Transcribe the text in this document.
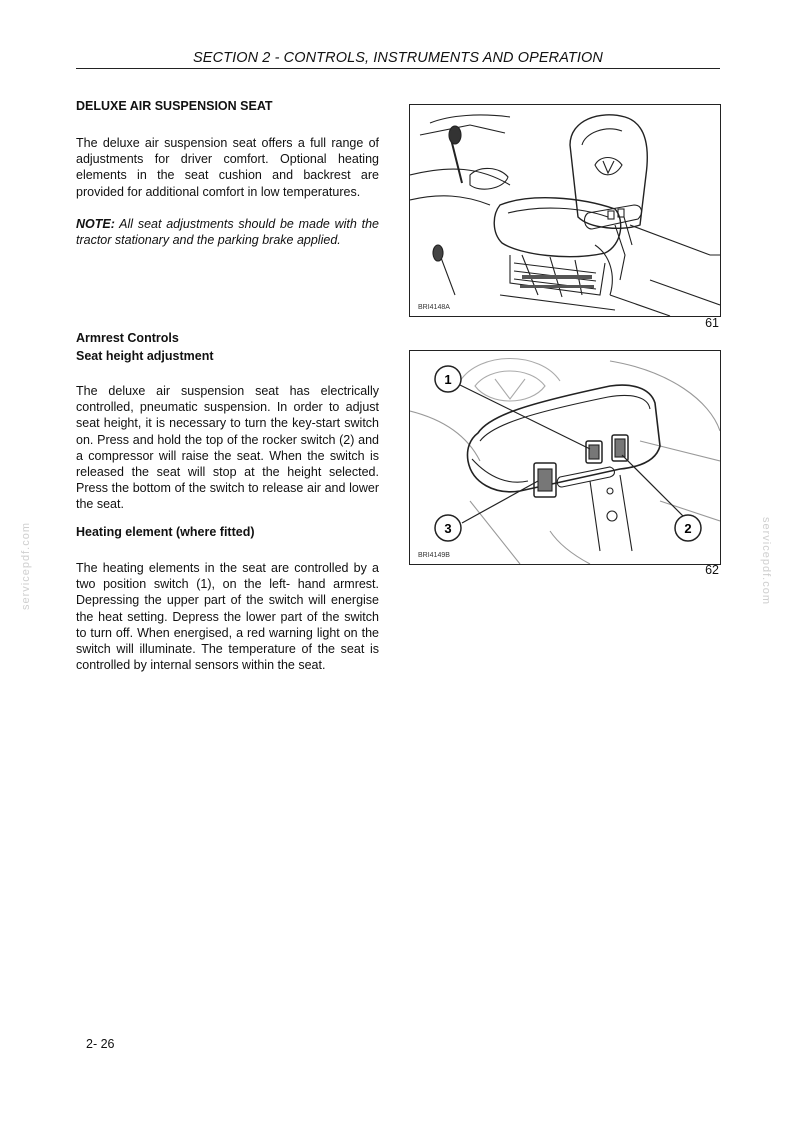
SECTION 2 - CONTROLS, INSTRUMENTS AND OPERATION
servicepdf.com	servicepdf.com
DELUXE AIR SUSPENSION SEAT
The deluxe air suspension seat offers a full range of adjustments for driver comfort. Optional heating elements in the seat cushion and backrest are provided for additional comfort in low temperatures.
NOTE: All seat adjustments should be made with the tractor stationary and the parking brake applied.
BRI4148A
61
Armrest Controls
Seat height adjustment
The deluxe air suspension seat has electrically controlled, pneumatic suspension. In order to adjust seat height, it is necessary to turn the key-start switch on. Press and hold the top of the rocker switch (2) and a compressor will raise the seat. When the switch is released the seat will stop at the height selected. Press the bottom of the switch to release air and lower the seat.
Heating element (where fitted)
The heating elements in the seat are controlled by a two position switch (1), on the left- hand armrest. Depressing the upper part of the switch will energise the heat setting. Depress the lower part of the switch to turn off. When energised, a red warning light on the switch will illuminate. The temperature of the seat is controlled by internal sensors within the seat.
1
2
3
BRI4149B
62
2- 26
